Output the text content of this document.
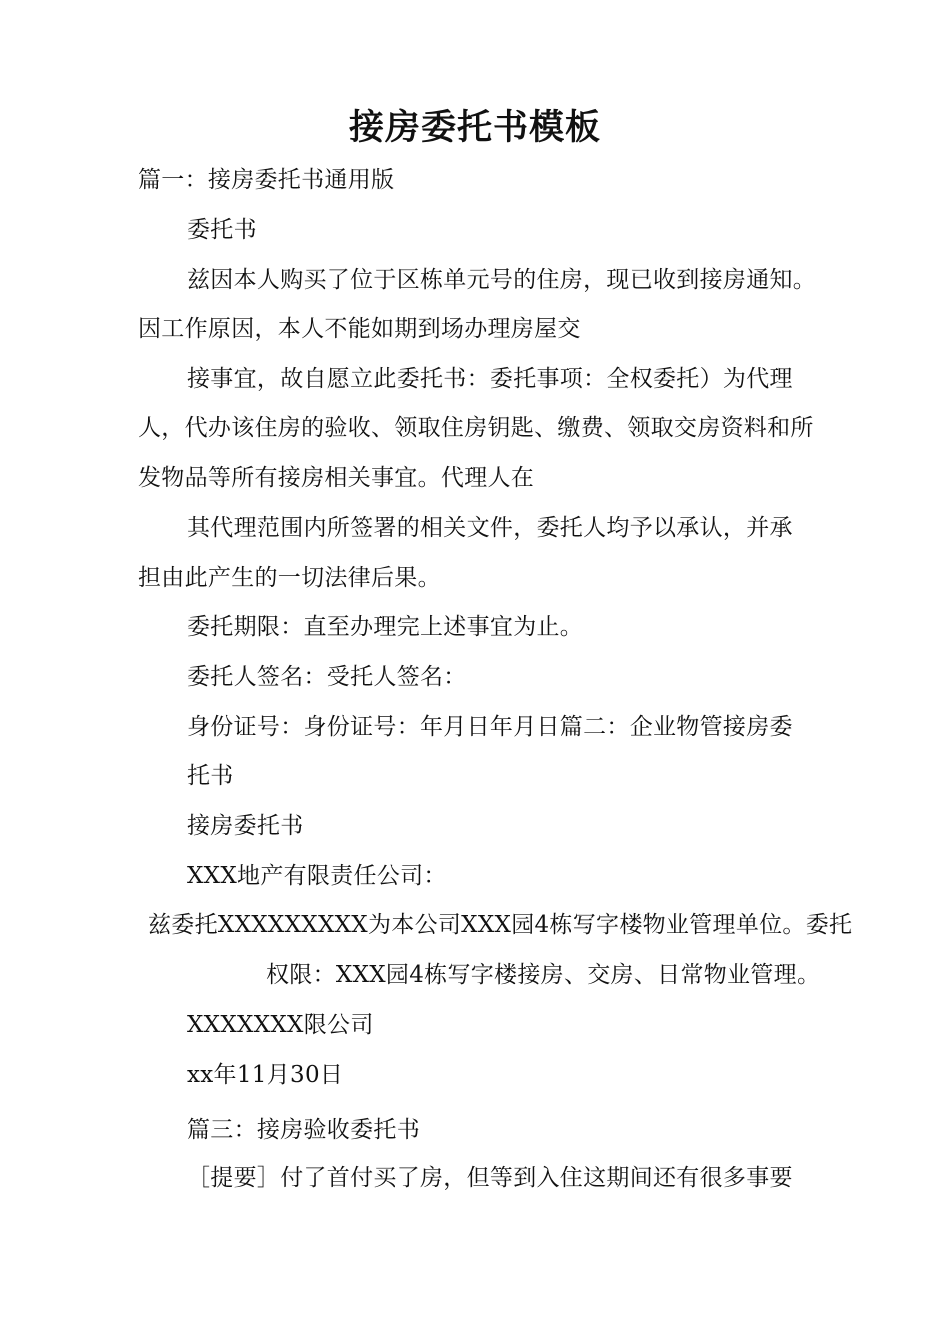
接房委托书模板
篇一：接房委托书通用版
委托书
兹因本人购买了位于区栋单元号的住房，现已收到接房通知。
因工作原因，本人不能如期到场办理房屋交
接事宜，故自愿立此委托书：委托事项：全权委托）为代理
人，代办该住房的验收、领取住房钥匙、缴费、领取交房资料和所
发物品等所有接房相关事宜。代理人在
其代理范围内所签署的相关文件，委托人均予以承认，并承
担由此产生的一切法律后果。
委托期限：直至办理完上述事宜为止。
委托人签名：受托人签名：
身份证号：身份证号：年月日年月日篇二：企业物管接房委
托书
接房委托书
XXX地产有限责任公司：
兹委托XXXXXXXXX为本公司XXX园4栋写字楼物业管理单位。委托
权限：XXX园4栋写字楼接房、交房、日常物业管理。
XXXXXXX限公司
xx年11月30日
篇三：接房验收委托书
［提要］付了首付买了房，但等到入住这期间还有很多事要
